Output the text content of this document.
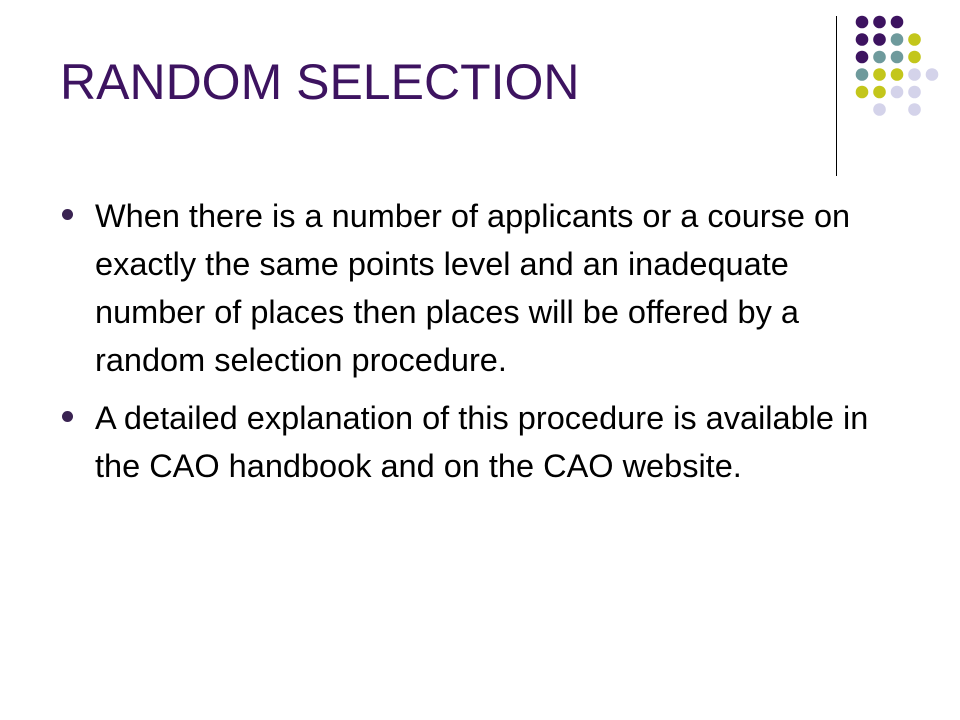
RANDOM SELECTION
When there is a number of applicants or a course on exactly the same points level and an inadequate number of places then places will be offered by a random selection procedure.
A detailed explanation of this procedure is available in the CAO handbook and on the CAO website.
